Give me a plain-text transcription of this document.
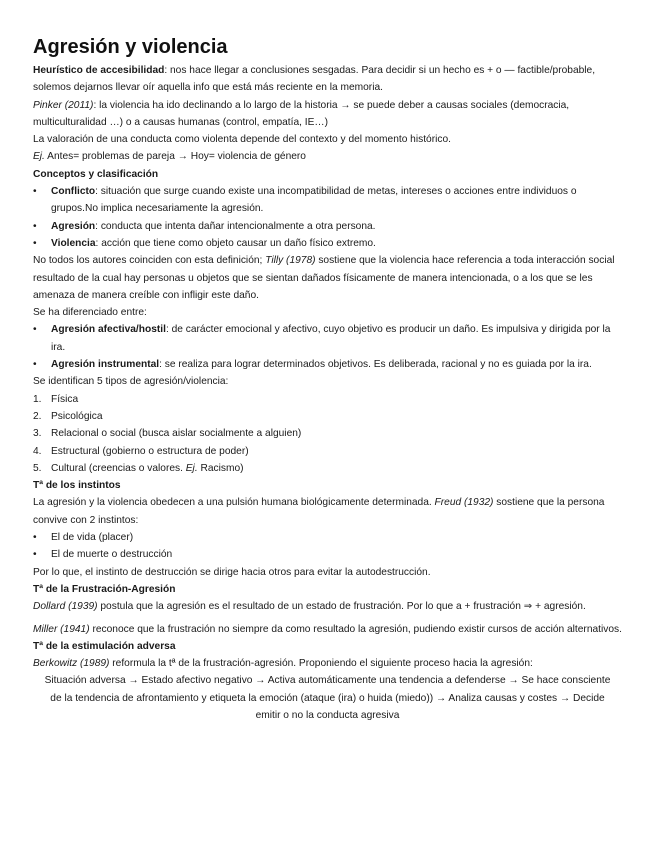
Agresión y violencia

Heurístico de accesibilidad: nos hace llegar a conclusiones sesgadas. Para decidir si un hecho es + o — factible/probable, solemos dejarnos llevar oír aquella info que está más reciente en la memoria.

Pinker (2011): la violencia ha ido declinando a lo largo de la historia → se puede deber a causas sociales (democracia, multiculturalidad …) o a causas humanas (control, empatía, IE…)

La valoración de una conducta como violenta depende del contexto y del momento histórico.

Ej. Antes= problemas de pareja → Hoy= violencia de género

Conceptos y clasificación

• Conflicto: situación que surge cuando existe una incompatibilidad de metas, intereses o acciones entre individuos o grupos.No implica necesariamente la agresión.
• Agresión: conducta que intenta dañar intencionalmente a otra persona.
• Violencia: acción que tiene como objeto causar un daño físico extremo.

No todos los autores coinciden con esta definición; Tilly (1978) sostiene que la violencia hace referencia a toda interacción social resultado de la cual hay personas u objetos que se sientan dañados físicamente de manera intencionada, o a los que se les amenaza de manera creíble con infligir este daño.

Se ha diferenciado entre:

• Agresión afectiva/hostil: de carácter emocional y afectivo, cuyo objetivo es producir un daño. Es impulsiva y dirigida por la ira.
• Agresión instrumental: se realiza para lograr determinados objetivos. Es deliberada, racional y no es guiada por la ira.

Se identifican 5 tipos de agresión/violencia:

1. Física
2. Psicológica
3. Relacional o social (busca aislar socialmente a alguien)
4. Estructural (gobierno o estructura de poder)
5. Cultural (creencias o valores. Ej. Racismo)

Tª de los instintos

La agresión y la violencia obedecen a una pulsión humana biológicamente determinada. Freud (1932) sostiene que la persona convive con 2 instintos:

• El de vida (placer)
• El de muerte o destrucción

Por lo que, el instinto de destrucción se dirige hacia otros para evitar la autodestrucción.

Tª de la Frustración-Agresión

Dollard (1939) postula que la agresión es el resultado de un estado de frustración. Por lo que a + frustración ⇒ + agresión.

Miller (1941) reconoce que la frustración no siempre da como resultado la agresión, pudiendo existir cursos de acción alternativos.

Tª de la estimulación adversa

Berkowitz (1989) reformula la tª de la frustración-agresión. Proponiendo el siguiente proceso hacia la agresión:

Situación adversa → Estado afectivo negativo → Activa automáticamente una tendencia a defenderse → Se hace consciente de la tendencia de afrontamiento y etiqueta la emoción (ataque (ira) o huida (miedo)) → Analiza causas y costes → Decide emitir o no la conducta agresiva
